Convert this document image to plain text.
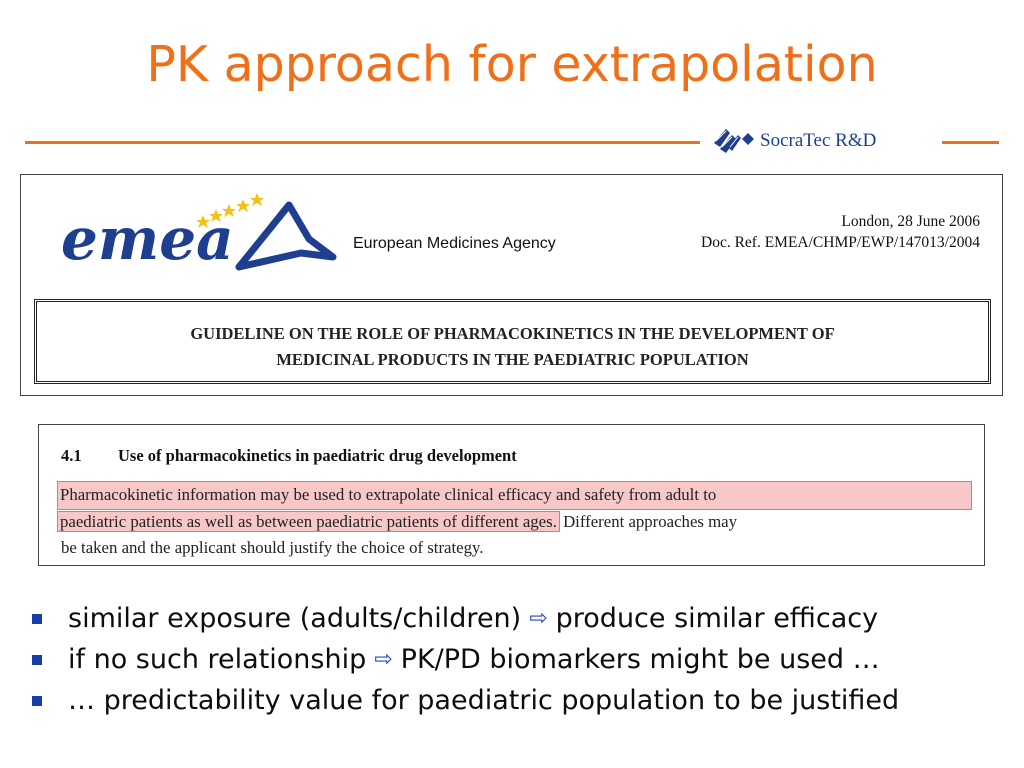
PK approach for extrapolation
SocraTec R&D
emea	European Medicines Agency
London, 28 June 2006
Doc. Ref. EMEA/CHMP/EWP/147013/2004
GUIDELINE ON THE ROLE OF PHARMACOKINETICS IN THE DEVELOPMENT OF
MEDICINAL PRODUCTS IN THE PAEDIATRIC POPULATION
4.1 Use of pharmacokinetics in paediatric drug development
Pharmacokinetic information may be used to extrapolate clinical efficacy and safety from adult to
paediatric patients as well as between paediatric patients of different ages. Different approaches may
be taken and the applicant should justify the choice of strategy.
similar exposure (adults/children) ⇨ produce similar efficacy
if no such relationship ⇨ PK/PD biomarkers might be used …
… predictability value for paediatric population to be justified
